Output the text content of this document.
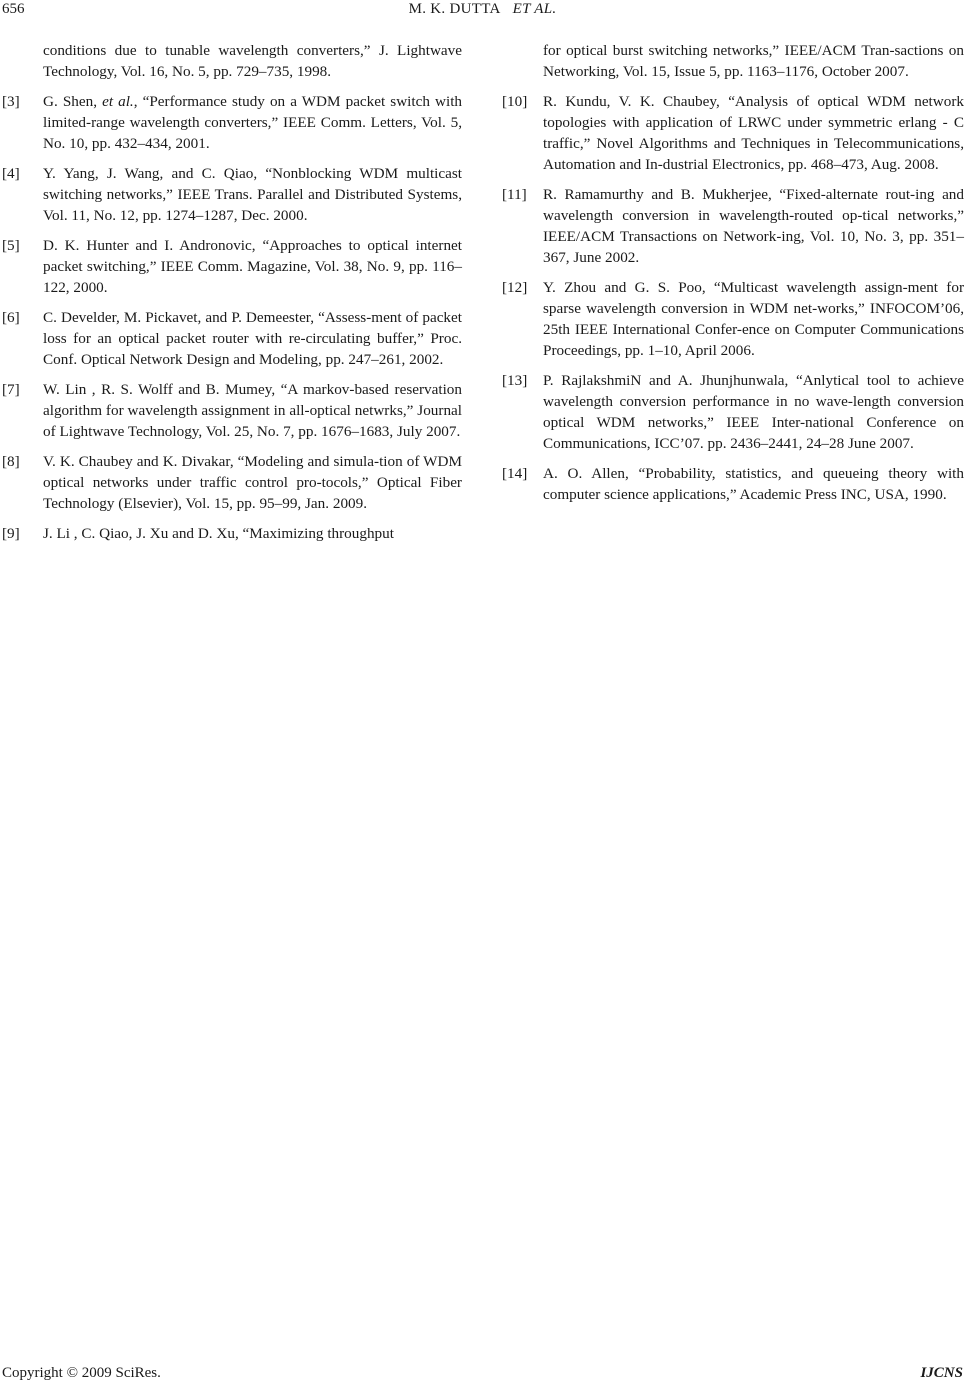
656	M. K. DUTTA ET AL.
conditions due to tunable wavelength converters,” J. Lightwave Technology, Vol. 16, No. 5, pp. 729–735, 1998.
[3] G. Shen, et al., “Performance study on a WDM packet switch with limited-range wavelength converters,” IEEE Comm. Letters, Vol. 5, No. 10, pp. 432–434, 2001.
[4] Y. Yang, J. Wang, and C. Qiao, “Nonblocking WDM multicast switching networks,” IEEE Trans. Parallel and Distributed Systems, Vol. 11, No. 12, pp. 1274–1287, Dec. 2000.
[5] D. K. Hunter and I. Andronovic, “Approaches to optical internet packet switching,” IEEE Comm. Magazine, Vol. 38, No. 9, pp. 116–122, 2000.
[6] C. Develder, M. Pickavet, and P. Demeester, “Assess-ment of packet loss for an optical packet router with re-circulating buffer,” Proc. Conf. Optical Network Design and Modeling, pp. 247–261, 2002.
[7] W. Lin , R. S. Wolff and B. Mumey, “A markov-based reservation algorithm for wavelength assignment in all-optical netwrks,” Journal of Lightwave Technology, Vol. 25, No. 7, pp. 1676–1683, July 2007.
[8] V. K. Chaubey and K. Divakar, “Modeling and simula-tion of WDM optical networks under traffic control pro-tocols,” Optical Fiber Technology (Elsevier), Vol. 15, pp. 95–99, Jan. 2009.
[9] J. Li , C. Qiao, J. Xu and D. Xu, “Maximizing throughput
for optical burst switching networks,” IEEE/ACM Tran-sactions on Networking, Vol. 15, Issue 5, pp. 1163–1176, October 2007.
[10] R. Kundu, V. K. Chaubey, “Analysis of optical WDM network topologies with application of LRWC under symmetric erlang - C traffic,” Novel Algorithms and Techniques in Telecommunications, Automation and In-dustrial Electronics, pp. 468–473, Aug. 2008.
[11] R. Ramamurthy and B. Mukherjee, “Fixed-alternate rout-ing and wavelength conversion in wavelength-routed op-tical networks,” IEEE/ACM Transactions on Network-ing, Vol. 10, No. 3, pp. 351–367, June 2002.
[12] Y. Zhou and G. S. Poo, “Multicast wavelength assign-ment for sparse wavelength conversion in WDM net-works,” INFOCOM’06, 25th IEEE International Confer-ence on Computer Communications Proceedings, pp. 1–10, April 2006.
[13] P. RajlakshmiN and A. Jhunjhunwala, “Anlytical tool to achieve wavelength conversion performance in no wave-length conversion optical WDM networks,” IEEE Inter-national Conference on Communications, ICC’07. pp. 2436–2441, 24–28 June 2007.
[14] A. O. Allen, “Probability, statistics, and queueing theory with computer science applications,” Academic Press INC, USA, 1990.
Copyright © 2009 SciRes.	IJCNS
